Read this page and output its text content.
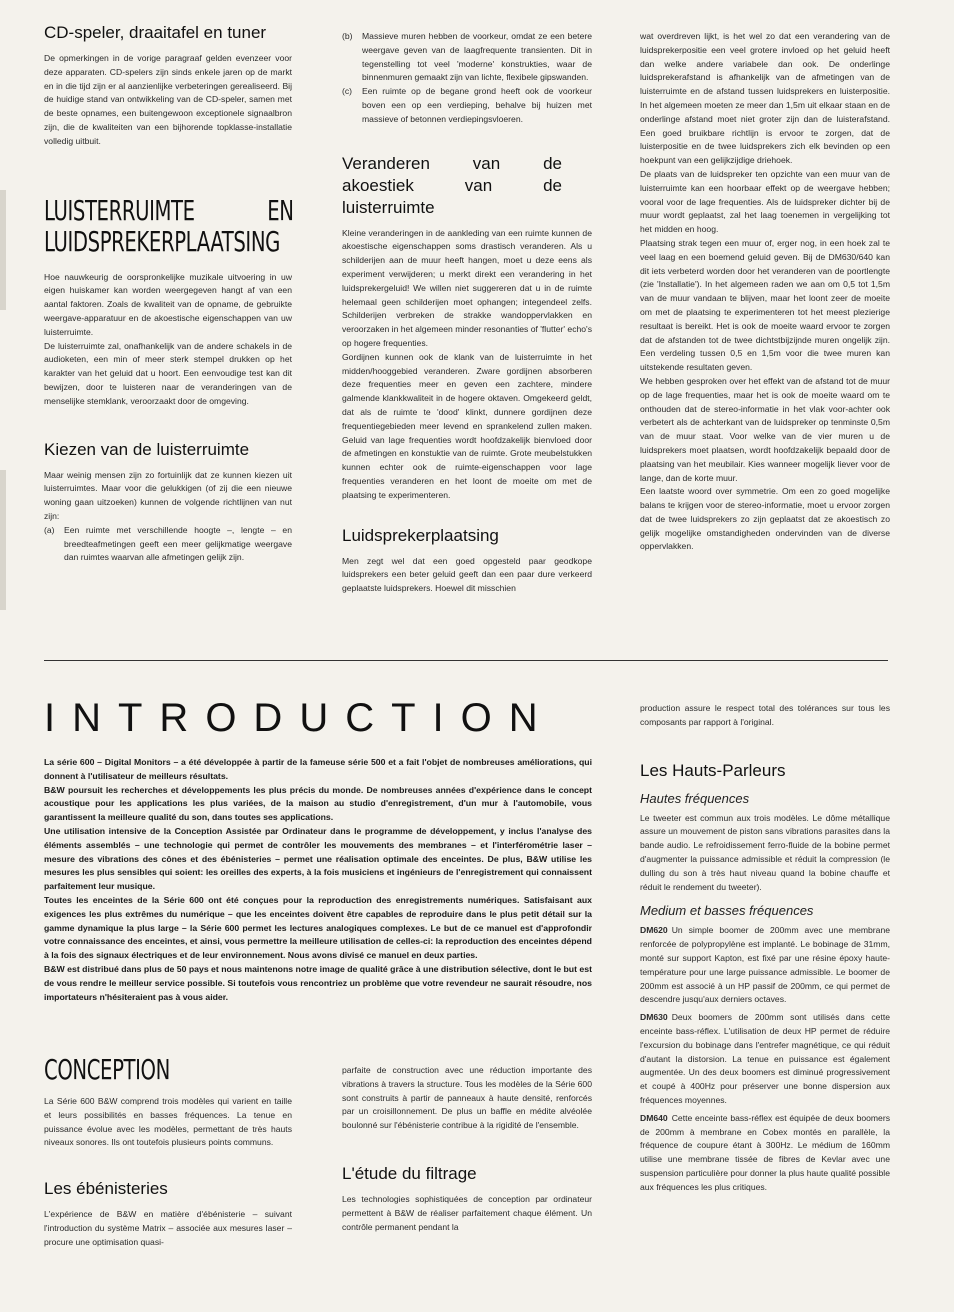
CD-speler, draaitafel en tuner

De opmerkingen in de vorige paragraaf gelden evenzeer voor deze apparaten. CD-spelers zijn sinds enkele jaren op de markt en in die tijd zijn er al aanzienlijke verbeteringen gerealiseerd. Bij de huidige stand van ontwikkeling van de CD-speler, samen met de beste opnames, een buitengewoon exceptionele signaalbron zijn, die de kwaliteiten van een bijhorende topklasse-installatie volledig uitbuit.

LUISTERRUIMTE EN LUIDSPREKERPLAATSING

Hoe nauwkeurig de oorspronkelijke muzikale uitvoering in uw eigen huiskamer kan worden weergegeven hangt af van een aantal faktoren. Zoals de kwaliteit van de opname, de gebruikte weergave-apparatuur en de akoestische eigenschappen van uw luisterruimte.

De luisterruimte zal, onafhankelijk van de andere schakels in de audioketen, een min of meer sterk stempel drukken op het karakter van het geluid dat u hoort. Een eenvoudige test kan dit bewijzen, door te luisteren naar de veranderingen van de menselijke stemklank, veroorzaakt door de omgeving.

Kiezen van de luisterruimte

Maar weinig mensen zijn zo fortuinlijk dat ze kunnen kiezen uit luisterruimtes. Maar voor die gelukkigen (of zij die een nieuwe woning gaan uitzoeken) kunnen de volgende richtlijnen van nut zijn:

(a)	Een ruimte met verschillende hoogte –, lengte – en breedteafmetingen geeft een meer gelijkmatige weergave dan ruimtes waarvan alle afmetingen gelijk zijn.
(b)	Massieve muren hebben de voorkeur, omdat ze een betere weergave geven van de laagfrequente transienten. Dit in tegenstelling tot veel 'moderne' konstrukties, waar de binnenmuren gemaakt zijn van lichte, flexibele gipswanden.
(c)	Een ruimte op de begane grond heeft ook de voorkeur boven een op een verdieping, behalve bij huizen met massieve of betonnen verdiepingsvloeren.
Veranderen van de akoestiek van de luisterruimte

Kleine veranderingen in de aankleding van een ruimte kunnen de akoestische eigenschappen soms drastisch veranderen. Als u schilderijen aan de muur heeft hangen, moet u deze eens als experiment verwijderen; u merkt direkt een verandering in het luidsprekergeluid! We willen niet suggereren dat u in de ruimte helemaal geen schilderijen moet ophangen; integendeel zelfs. Schilderijen verbreken de strakke wandoppervlakken en veroorzaken in het algemeen minder resonanties of 'flutter' echo's op hogere frequenties.

Gordijnen kunnen ook de klank van de luisterruimte in het midden/hooggebied veranderen. Zware gordijnen absorberen deze frequenties meer en geven een zachtere, mindere galmende klankkwaliteit in de hogere oktaven. Omgekeerd geldt, dat als de ruimte te 'dood' klinkt, dunnere gordijnen deze frequentiegebieden meer levend en sprankelend zullen maken. Geluid van lage frequenties wordt hoofdzakelijk bienvloed door de afmetingen en konstuktie van de ruimte. Grote meubelstukken kunnen echter ook de ruimte-eigenschappen voor lage frequenties veranderen en het loont de moeite om met de plaatsing te experimenteren.

Luidsprekerplaatsing

Men zegt wel dat een goed opgesteld paar geodkope luidsprekers een beter geluid geeft dan een paar dure verkeerd geplaatste luidsprekers. Hoewel dit misschien

wat overdreven lijkt, is het wel zo dat een verandering van de luidsprekerpositie een veel grotere invloed op het geluid heeft dan welke andere variabele dan ook. De onderlinge luidsprekerafstand is afhankelijk van de afmetingen van de luisterruimte en de afstand tussen luidsprekers en luisterpositie. In het algemeen moeten ze meer dan 1,5m uit elkaar staan en de onderlinge afstand moet niet groter zijn dan de luisterafstand. Een goed bruikbare richtlijn is ervoor te zorgen, dat de luisterpositie en de twee luidsprekers zich elk bevinden op een hoekpunt van een gelijkzijdige driehoek.

De plaats van de luidspreker ten opzichte van een muur van de luisterruimte kan een hoorbaar effekt op de weergave hebben; vooral voor de lage frequenties. Als de luidspreker dichter bij de muur wordt geplaatst, zal het laag toenemen in vergelijking tot het midden en hoog.

Plaatsing strak tegen een muur of, erger nog, in een hoek zal te veel laag en een boemend geluid geven. Bij de DM630/640 kan dit iets verbeterd worden door het veranderen van de poortlengte (zie 'Installatie'). In het algemeen raden we aan om 0,5 tot 1,5m van de muur vandaan te blijven, maar het loont zeer de moeite om met de plaatsing te experimenteren tot het meest plezierige resultaat is bereikt. Het is ook de moeite waard ervoor te zorgen dat de afstanden tot de twee dichtstbijzijnde muren ongelijk zijn. Een verdeling tussen 0,5 en 1,5m voor die twee muren kan uitstekende resultaten geven.

We hebben gesproken over het effekt van de afstand tot de muur op de lage frequenties, maar het is ook de moeite waard om te onthouden dat de stereo-informatie in het vlak voor-achter ook verbetert als de achterkant van de luidspreker op tenminste 0,5m van de muur staat. Voor welke van de vier muren u de luidsprekers moet plaatsen, wordt hoofdzakelijk bepaald door de plaatsing van het meubilair. Kies wanneer mogelijk liever voor de lange, dan de korte muur.

Een laatste woord over symmetrie. Om een zo goed mogelijke balans te krijgen voor de stereo-informatie, moet u ervoor zorgen dat de twee luidsprekers zo zijn geplaatst dat ze akoestisch zo gelijk mogelijke omstandigheden ondervinden van de diverse oppervlakken.

INTRODUCTION

La série 600 – Digital Monitors – a été développée à partir de la fameuse série 500 et a fait l'objet de nombreuses améliorations, qui donnent à l'utilisateur de meilleurs résultats.

B&W poursuit les recherches et développements les plus précis du monde. De nombreuses années d'expérience dans le concept acoustique pour les applications les plus variées, de la maison au studio d'enregistrement, d'un mur à l'automobile, vous garantissent la meilleure qualité du son, dans toutes ses applications.

Une utilisation intensive de la Conception Assistée par Ordinateur dans le programme de développement, y inclus l'analyse des éléments assemblés – une technologie qui permet de contrôler les mouvements des membranes – et l'interférométrie laser – mesure des vibrations des cônes et des ébénisteries – permet une réalisation optimale des enceintes. De plus, B&W utilise les mesures les plus sensibles qui soient: les oreilles des experts, à la fois musiciens et ingénieurs de l'enregistrement qui connaissent parfaitement leur musique.

Toutes les enceintes de la Série 600 ont été conçues pour la reproduction des enregistrements numériques. Satisfaisant aux exigences les plus extrêmes du numérique – que les enceintes doivent être capables de reproduire dans le plus petit détail sur la gamme dynamique la plus large – la Série 600 permet les lectures analogiques complexes. Le but de ce manuel est d'approfondir votre connaissance des enceintes, et ainsi, vous permettre la meilleure utilisation de celles-ci: la reproduction des enceintes dépend à la fois des signaux électriques et de leur environnement. Nous avons divisé ce manuel en deux parties.

B&W est distribué dans plus de 50 pays et nous maintenons notre image de qualité grâce à une distribution sélective, dont le but est de vous rendre le meilleur service possible. Si toutefois vous rencontriez un problème que votre revendeur ne saurait résoudre, nos importateurs n'hésiteraient pas à vous aider.

CONCEPTION

La Série 600 B&W comprend trois modèles qui varient en taille et leurs possibilités en basses fréquences. La tenue en puissance évolue avec les modèles, permettant de très hauts niveaux sonores. Ils ont toutefois plusieurs points communs.

Les ébénisteries

L'expérience de B&W en matière d'ébénisterie – suivant l'introduction du système Matrix – associée aux mesures laser – procure une optimisation quasi-

parfaite de construction avec une réduction importante des vibrations à travers la structure. Tous les modèles de la Série 600 sont construits à partir de panneaux à haute densité, renforcés par un croisillonnement. De plus un baffle en médite alvéolée boulonné sur l'ébénisterie contribue à la rigidité de l'ensemble.

L'étude du filtrage

Les technologies sophistiquées de conception par ordinateur permettent à B&W de réaliser parfaitement chaque élément. Un contrôle permanent pendant la

production assure le respect total des tolérances sur tous les composants par rapport à l'original.

Les Hauts-Parleurs
Hautes fréquences

Le tweeter est commun aux trois modèles. Le dôme métallique assure un mouvement de piston sans vibrations parasites dans la bande audio. Le refroidissement ferro-fluide de la bobine permet d'augmenter la puissance admissible et réduit la compression (le dulling du son à très haut niveau quand la bobine chauffe et réduit le rendement du tweeter).

Medium et basses fréquences

DM620 Un simple boomer de 200mm avec une membrane renforcée de polypropylène est implanté. Le bobinage de 31mm, monté sur support Kapton, est fixé par une résine époxy haute-température pour une large puissance admissible. Le boomer de 200mm est associé à un HP passif de 200mm, ce qui permet de descendre jusqu'aux derniers octaves.

DM630 Deux boomers de 200mm sont utilisés dans cette enceinte bass-réflex. L'utilisation de deux HP permet de réduire l'excursion du bobinage dans l'entrefer magnétique, ce qui réduit d'autant la distorsion. La tenue en puissance est également augmentée. Un des deux boomers est diminué progressivement et coupé à 400Hz pour préserver une bonne dispersion aux fréquences moyennes.

DM640 Cette enceinte bass-réflex est équipée de deux boomers de 200mm à membrane en Cobex montés en parallèle, la fréquence de coupure étant à 300Hz. Le médium de 160mm utilise une membrane tissée de fibres de Kevlar avec une suspension particulière pour donner la plus haute qualité possible aux fréquences les plus critiques.
